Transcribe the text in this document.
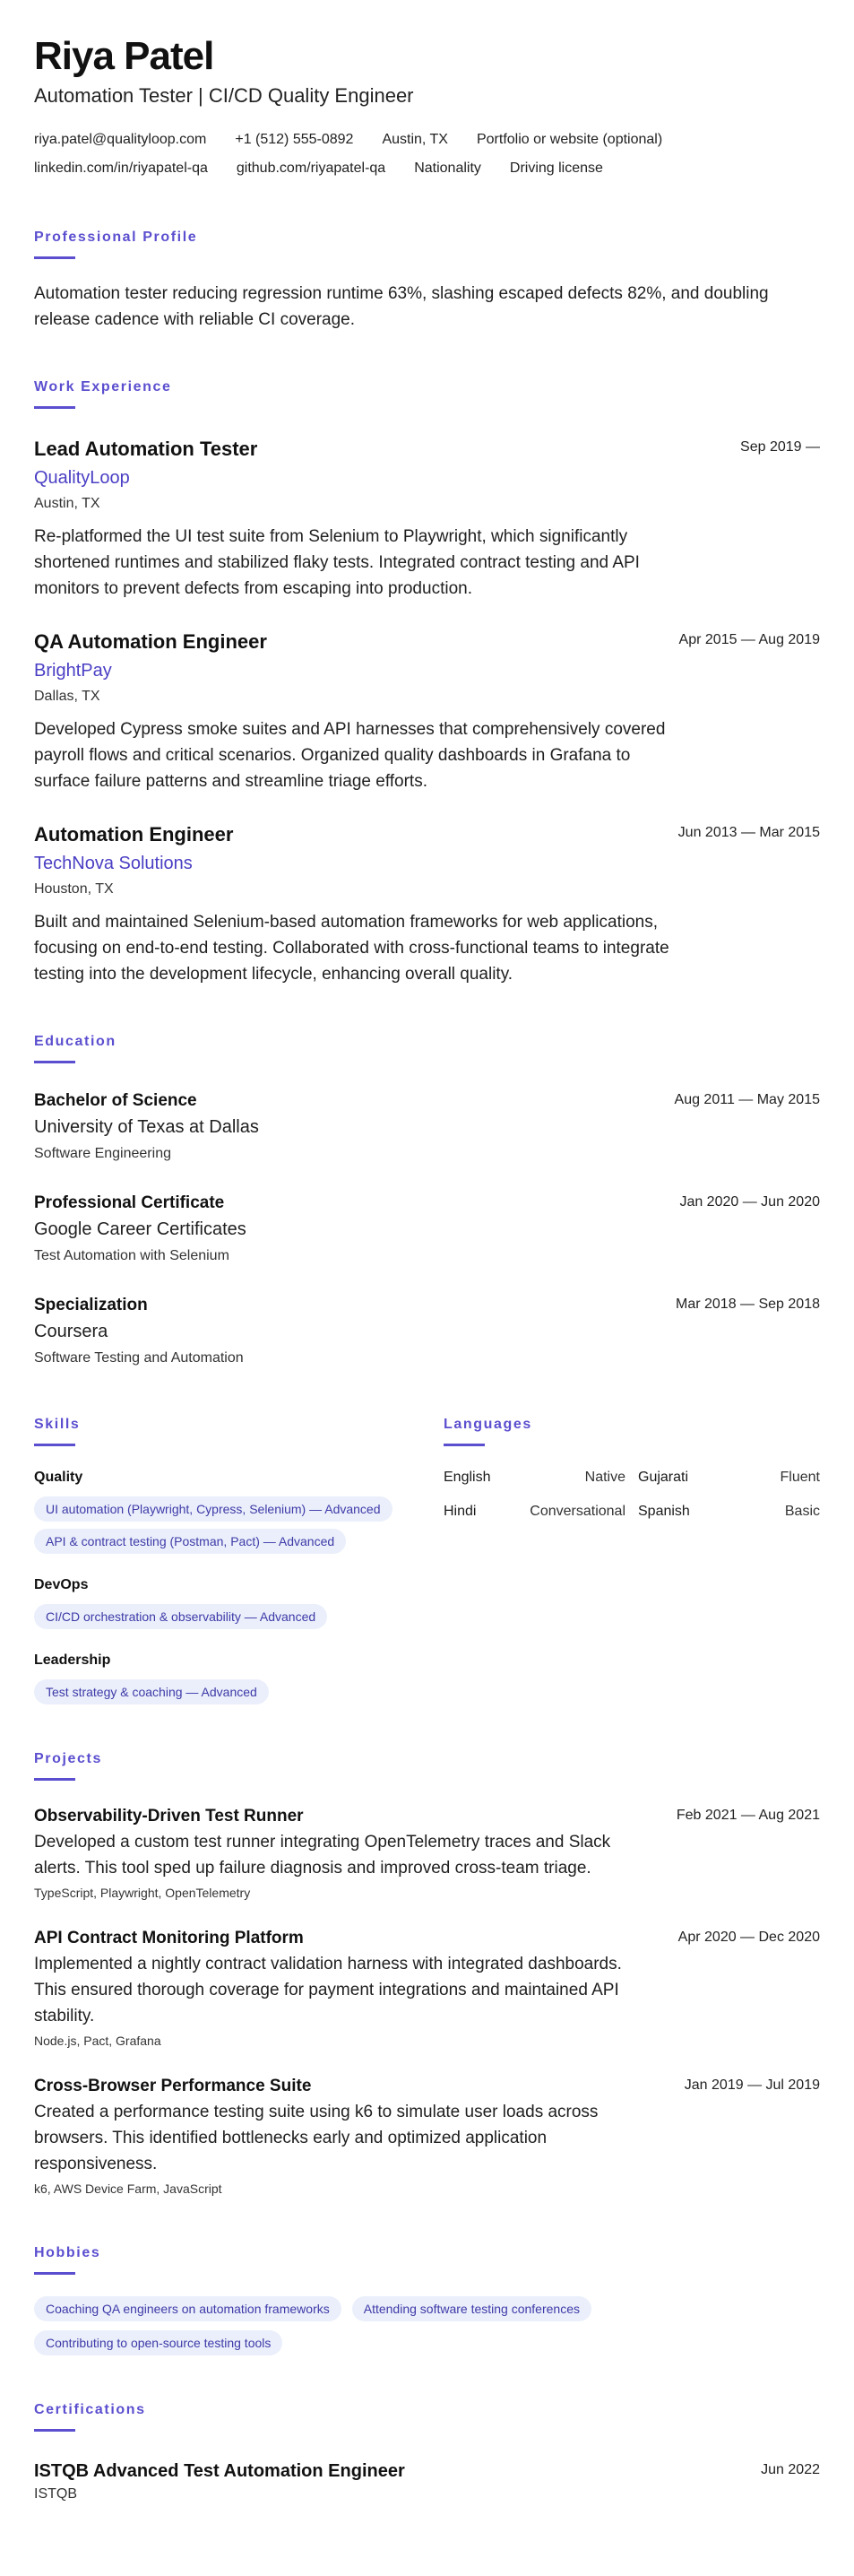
Riya Patel
Automation Tester | CI/CD Quality Engineer
riya.patel@qualityloop.com +1 (512) 555-0892 Austin, TX Portfolio or website (optional)
linkedin.com/in/riyapatel-qa github.com/riyapatel-qa Nationality Driving license
Professional Profile
Automation tester reducing regression runtime 63%, slashing escaped defects 82%, and doubling release cadence with reliable CI coverage.
Work Experience
Lead Automation Tester	Sep 2019 —
QualityLoop
Austin, TX
Re-platformed the UI test suite from Selenium to Playwright, which significantly shortened runtimes and stabilized flaky tests. Integrated contract testing and API monitors to prevent defects from escaping into production.
QA Automation Engineer	Apr 2015 — Aug 2019
BrightPay
Dallas, TX
Developed Cypress smoke suites and API harnesses that comprehensively covered payroll flows and critical scenarios. Organized quality dashboards in Grafana to surface failure patterns and streamline triage efforts.
Automation Engineer	Jun 2013 — Mar 2015
TechNova Solutions
Houston, TX
Built and maintained Selenium-based automation frameworks for web applications, focusing on end-to-end testing. Collaborated with cross-functional teams to integrate testing into the development lifecycle, enhancing overall quality.
Education
Bachelor of Science	Aug 2011 — May 2015
University of Texas at Dallas
Software Engineering
Professional Certificate	Jan 2020 — Jun 2020
Google Career Certificates
Test Automation with Selenium
Specialization	Mar 2018 — Sep 2018
Coursera
Software Testing and Automation
Skills
Quality
UI automation (Playwright, Cypress, Selenium) — Advanced
API & contract testing (Postman, Pact) — Advanced
DevOps
CI/CD orchestration & observability — Advanced
Leadership
Test strategy & coaching — Advanced
Languages
English	Native Gujarati	Fluent
Hindi	Conversational Spanish	Basic
Projects
Observability-Driven Test Runner	Feb 2021 — Aug 2021
Developed a custom test runner integrating OpenTelemetry traces and Slack alerts. This tool sped up failure diagnosis and improved cross-team triage.
TypeScript, Playwright, OpenTelemetry
API Contract Monitoring Platform	Apr 2020 — Dec 2020
Implemented a nightly contract validation harness with integrated dashboards. This ensured thorough coverage for payment integrations and maintained API stability.
Node.js, Pact, Grafana
Cross-Browser Performance Suite	Jan 2019 — Jul 2019
Created a performance testing suite using k6 to simulate user loads across browsers. This identified bottlenecks early and optimized application responsiveness.
k6, AWS Device Farm, JavaScript
Hobbies
Coaching QA engineers on automation frameworks	Attending software testing conferences
Contributing to open-source testing tools
Certifications
ISTQB Advanced Test Automation Engineer	Jun 2022
ISTQB
